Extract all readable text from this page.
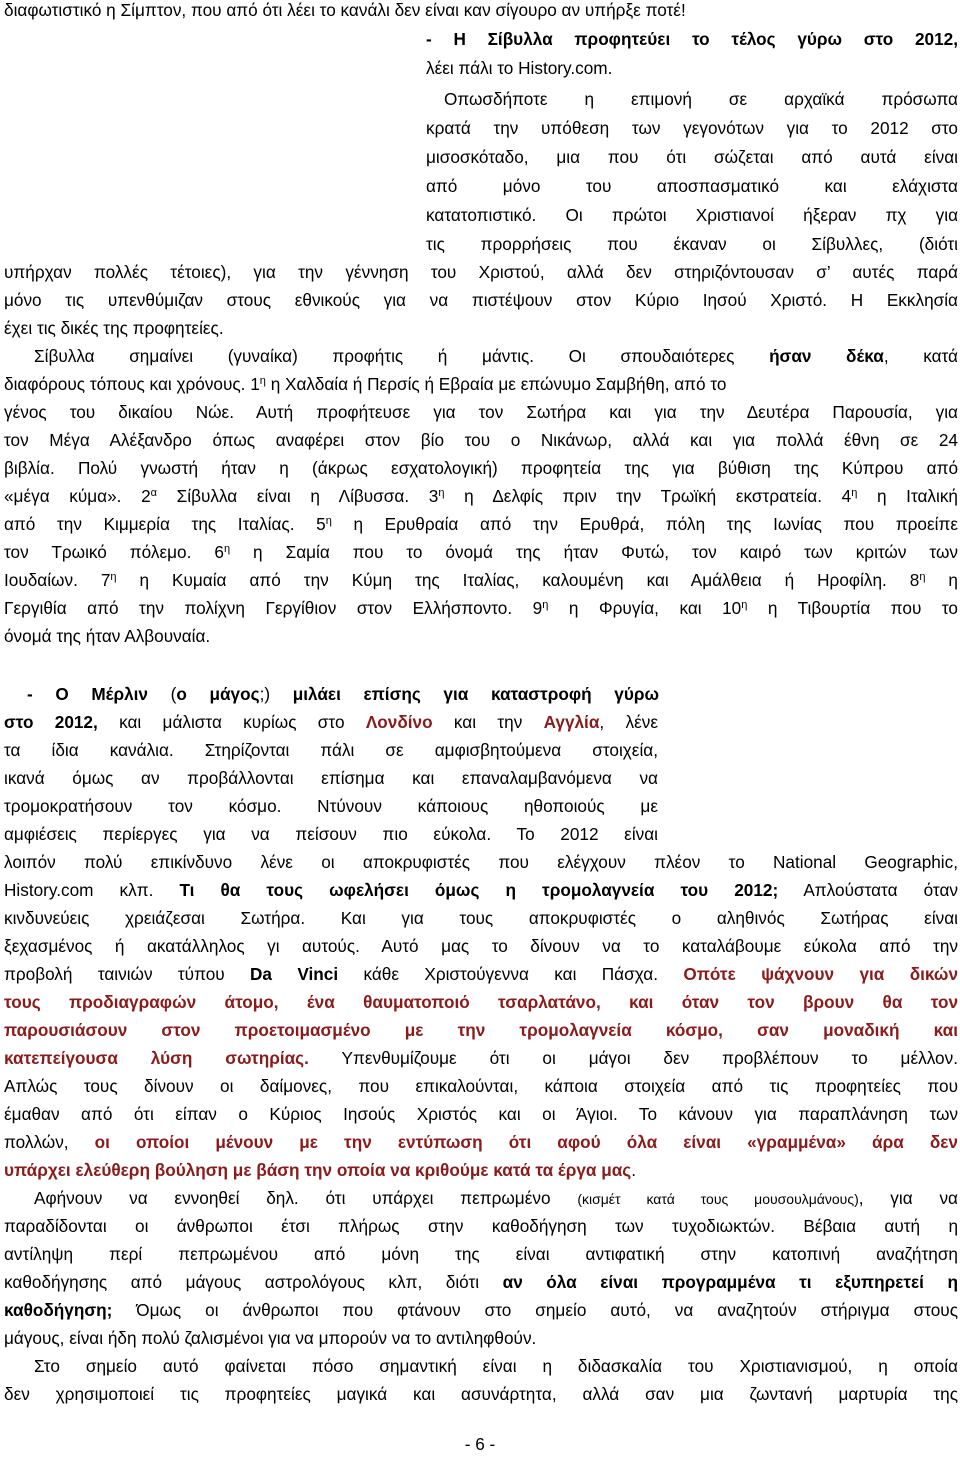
διαφωτιστικό η Σίμπτον, που από ότι λέει το κανάλι δεν είναι καν σίγουρο αν υπήρξε ποτέ!
- Η Σίβυλλα προφητεύει το τέλος γύρω στο 2012,
λέει πάλι το History.com.
Οπωσδήποτε η επιμονή σε αρχαϊκά πρόσωπα
κρατά την υπόθεση των γεγονότων για το 2012 στο
μισοσκόταδο, μια που ότι σώζεται από αυτά είναι
από μόνο του αποσπασματικό και ελάχιστα
κατατοπιστικό. Οι πρώτοι Χριστιανοί ήξεραν πχ για
τις προρρήσεις που έκαναν οι Σίβυλλες, (διότι
υπήρχαν πολλές τέτοιες), για την γέννηση του Χριστού, αλλά δεν στηριζόντουσαν σ’ αυτές παρά
μόνο τις υπενθύμιζαν στους εθνικούς για να πιστέψουν στον Κύριο Ιησού Χριστό. Η Εκκλησία
έχει τις δικές της προφητείες.
Σίβυλλα σημαίνει (γυναίκα) προφήτις ή μάντις. Οι σπουδαιότερες ήσαν δέκα, κατά
διαφόρους τόπους και χρόνους. $1^\eta$ η Χαλδαία ή Περσίς ή Εβραία με επώνυμο Σαμβήθη, από το
γένος του δικαίου Νώε. Αυτή προφήτευσε για τον Σωτήρα και για την Δευτέρα Παρουσία, για
τον Μέγα Αλέξανδρο όπως αναφέρει στον βίο του ο Νικάνωρ, αλλά και για πολλά έθνη σε 24
βιβλία. Πολύ γνωστή ήταν η (άκρως εσχατολογική) προφητεία της για βύθιση της Κύπρου από
«μέγα κύμα». $2^\alpha$ Σίβυλλα είναι η Λίβυσσα. $3^\eta$ η Δελφίς πριν την Τρωϊκή εκστρατεία. $4^\eta$ η Ιταλική
από την Κιμμερία της Ιταλίας. $5^\eta$ η Ερυθραία από την Ερυθρά, πόλη της Ιωνίας που προείπε
τον Τρωικό πόλεμο. $6^\eta$ η Σαμία που το όνομά της ήταν Φυτώ, τον καιρό των κριτών των
Ιουδαίων. $7^\eta$ η Κυμαία από την Κύμη της Ιταλίας, καλουμένη και Αμάλθεια ή Ηροφίλη. $8^\eta$ η
Γεργιθία από την πολίχνη Γεργίθιον στον Ελλήσποντο. $9^\eta$ η Φρυγία, και $10^\eta$ η Τιβουρτία που το
όνομά της ήταν Αλβουναία.
- Ο Μέρλιν (ο μάγος;) μιλάει επίσης για καταστροφή γύρω
στο 2012, και μάλιστα κυρίως στο Λονδίνο και την Αγγλία, λένε
τα ίδια κανάλια. Στηρίζονται πάλι σε αμφισβητούμενα στοιχεία,
ικανά όμως αν προβάλλονται επίσημα και επαναλαμβανόμενα να
τρομοκρατήσουν τον κόσμο. Ντύνουν κάποιους ηθοποιούς με
αμφιέσεις περίεργες για να πείσουν πιο εύκολα. Το 2012 είναι
λοιπόν πολύ επικίνδυνο λένε οι αποκρυφιστές που ελέγχουν πλέον το National Geographic,
History.com κλπ. Τι θα τους ωφελήσει όμως η τρομολαγνεία του 2012; Απλούστατα όταν
κινδυνεύεις χρειάζεσαι Σωτήρα. Και για τους αποκρυφιστές ο αληθινός Σωτήρας είναι
ξεχασμένος ή ακατάλληλος γι αυτούς. Αυτό μας το δίνουν να το καταλάβουμε εύκολα από την
προβολή ταινιών τύπου Da Vinci κάθε Χριστούγεννα και Πάσχα. Οπότε ψάχνουν για δικών
τους προδιαγραφών άτομο, ένα θαυματοποιό τσαρλατάνο, και όταν τον βρουν θα τον
παρουσιάσουν στον προετοιμασμένο με την τρομολαγνεία κόσμο, σαν μοναδική και
κατεπείγουσα λύση σωτηρίας. Υπενθυμίζουμε ότι οι μάγοι δεν προβλέπουν το μέλλον.
Απλώς τους δίνουν οι δαίμονες, που επικαλούνται, κάποια στοιχεία από τις προφητείες που
έμαθαν από ότι είπαν ο Κύριος Ιησούς Χριστός και οι Άγιοι. Το κάνουν για παραπλάνηση των
πολλών, οι οποίοι μένουν με την εντύπωση ότι αφού όλα είναι «γραμμένα» άρα δεν
υπάρχει ελεύθερη βούληση με βάση την οποία να κριθούμε κατά τα έργα μας.
Αφήνουν να εννοηθεί δηλ. ότι υπάρχει πεπρωμένο (κισμέτ κατά τους μουσουλμάνους), για να
παραδίδονται οι άνθρωποι έτσι πλήρως στην καθοδήγηση των τυχοδιωκτών. Βέβαια αυτή η
αντίληψη περί πεπρωμένου από μόνη της είναι αντιφατική στην κατοπινή αναζήτηση
καθοδήγησης από μάγους αστρολόγους κλπ, διότι αν όλα είναι προγραμμένα τι εξυπηρετεί η
καθοδήγηση; Όμως οι άνθρωποι που φτάνουν στο σημείο αυτό, να αναζητούν στήριγμα στους
μάγους, είναι ήδη πολύ ζαλισμένοι για να μπορούν να το αντιληφθούν.
Στο σημείο αυτό φαίνεται πόσο σημαντική είναι η διδασκαλία του Χριστιανισμού, η οποία
δεν χρησιμοποιεί τις προφητείες μαγικά και ασυνάρτητα, αλλά σαν μια ζωντανή μαρτυρία της
- 6 -
